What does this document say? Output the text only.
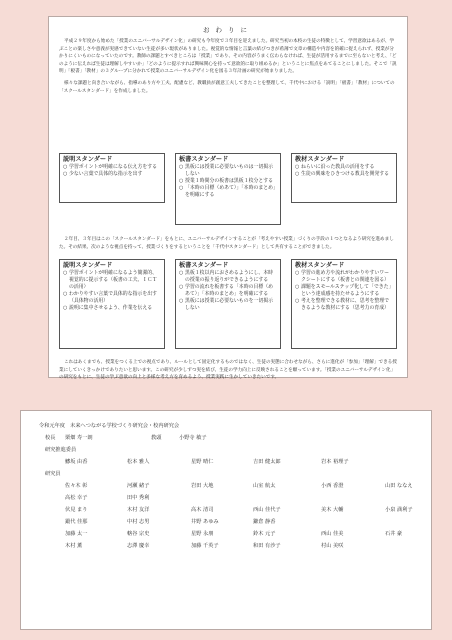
おわりに
平成２９年度から始めた「授業のユニバーサルデザイン化」の研究も今年度で３年目を迎えました。研究当初の本校の生徒の特徴として、学習意欲はあるが、学ぶことの楽しさや意義が実感できていない生徒が多い現状がありました。視覚的な情報と言葉の結びつきが希薄で文章の構造や内容を的確に捉えられず、授業が分かりにくいものになっていたのです。教師の課題とすべきところは「授業」であり、その内容がうまく伝わらなければ、生徒が活用するまでに至らないと考え、「どのように伝えれば生徒は理解しやすいか」「どのように提示すれば興味関心を持って意欲的に取り組めるか」ということに焦点をあてることにしました。そこで「説明」「板書」「教材」の３グループに分かれて授業のユニバーサルデザイン化を図る３年計画の研究が始まりました。
様々な課題と向き合いながら、指導のあり方や工夫、配慮など、教職員が創意工夫してきたことを整理して、千代中における「説明」「板書」「教材」についての「スクールスタンダード」を作成しました。
説明スタンダード
○ 学習ポイントが明確になる伝え方をする
○ 少ない言葉で具体的な指示を出す
板書スタンダード
○ 黒板には授業に必要ないものは一切掲示しない
○ 授業１時間分の板書は黒板１枚分とする
○ 「本時の目標（めあて）」「本時のまとめ」を明確にする
教材スタンダード
○ ねらいに沿った教具の活用をする
○ 生徒の興味をひきつける教具を開発する
２年目、３年目はこの「スクールスタンダード」をもとに、ユニバーサルデザインすることが「考えやすい授業」づくりの手段の１つとなるよう研究を進めました。その結果、次のような視点を持って、授業づくりをするということを「千代中スタンダード」として共有することができました。
説明スタンダード
○ 学習ポイントが明確になるよう簡潔的、視覚的に提示する（板書の工夫、ＩＣＴの活用）
○ わかりやすい言葉で具体的な指示を出す（具体物の活用）
○ 説明に集中させるよう、作業を伝える
板書スタンダード
○ 黒板１枚以内におさめるようにし、本時の授業の振り返りができるようにする
○ 学習の流れを板書する「本時の目標（めあて）」「本時のまとめ」を明確にする
○ 黒板には授業に必要ないものを一切掲示しない
教材スタンダード
○ 学習の進め方や流れがわかりやすいワークシートにする（板書との関連を図る）
○ 課題をスモールステップ化して「できた」という達成感を持たせるようにする
○ 考えを整理できる教材に、思考を整理できるような教材にする（思考力の育成）
これはあくまでも、授業をつくる上での視点であり、ルールとして固定化するものではなく、生徒の実態に合わせながら、さらに進化が「参加」「理解」できる授業にしていくきっかけでありたいと思います。この研究が少しずつ実を結び、生徒の学力向上に反映されることを願っています。「授業のユニバーサルデザイン化」の研究をもとに、生徒の学ぶ意欲の向上と多様な考え方を育めるよう、授業実践に生かしていきたいです。
令和元年度　未来へつながる学校づくり研究会・校内研究会
校長 栗畑 寿一朗	教頭	小野寺 敏子
研究推進委員
鰺坂 由香	松本 雅人	星野 晴仁	吉田 健太郎	岩本 裕理子
研究員
佐々木 彰	河瀬 緒子	岩田 大地	山室 航太	小西 香澄	山田 ななえ
高松 幸子	田中 秀利
伏見 まり	木村 友洋	高木 清司	西山 佳代子	美木 大輔	小泉 満利子
鍛代 佳那	中村 志男	井野 あゆみ	鎌倉 静香
加藤 太一	轄谷 宗史	星野 永朋	鈴木 元子	西山 佳美	石井 豪
木村 薫	志澤 慶幸	加藤 千英子	和田 有沙子	村山 美咲
